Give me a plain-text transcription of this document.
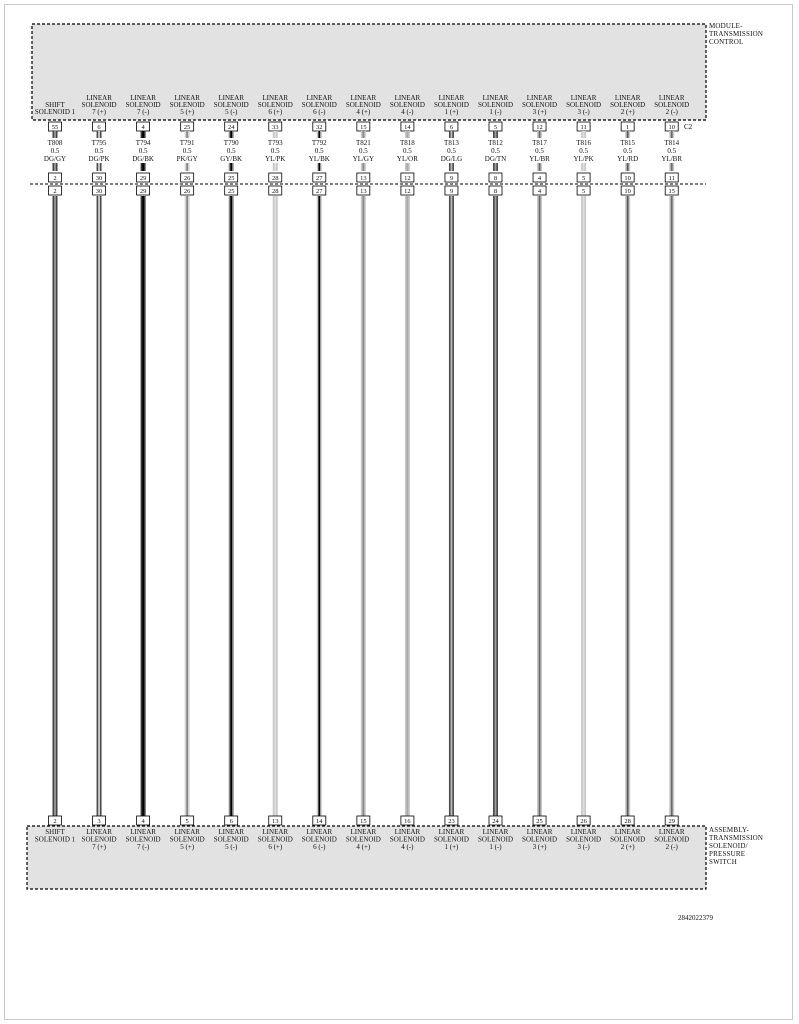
C2
SHIFT
SOLENOID 1
55
T808
0.5
DG/GY
2
2
2
SHIFT
SOLENOID 1
LINEAR
SOLENOID
7 (+)
6
T795
0.5
DG/PK
30
30
3
LINEAR
SOLENOID
7 (+)
LINEAR
SOLENOID
7 (-)
4
T794
0.5
DG/BK
29
29
4
LINEAR
SOLENOID
7 (-)
LINEAR
SOLENOID
5 (+)
25
T791
0.5
PK/GY
26
26
5
LINEAR
SOLENOID
5 (+)
LINEAR
SOLENOID
5 (-)
24
T790
0.5
GY/BK
25
25
6
LINEAR
SOLENOID
5 (-)
LINEAR
SOLENOID
6 (+)
33
T793
0.5
YL/PK
28
28
13
LINEAR
SOLENOID
6 (+)
LINEAR
SOLENOID
6 (-)
32
T792
0.5
YL/BK
27
27
14
LINEAR
SOLENOID
6 (-)
LINEAR
SOLENOID
4 (+)
15
T821
0.5
YL/GY
13
13
15
LINEAR
SOLENOID
4 (+)
LINEAR
SOLENOID
4 (-)
14
T818
0.5
YL/OR
12
12
16
LINEAR
SOLENOID
4 (-)
LINEAR
SOLENOID
1 (+)
6
T813
0.5
DG/LG
9
9
23
LINEAR
SOLENOID
1 (+)
LINEAR
SOLENOID
1 (-)
5
T812
0.5
DG/TN
8
8
24
LINEAR
SOLENOID
1 (-)
LINEAR
SOLENOID
3 (+)
12
T817
0.5
YL/BR
4
4
25
LINEAR
SOLENOID
3 (+)
LINEAR
SOLENOID
3 (-)
11
T816
0.5
YL/PK
5
5
26
LINEAR
SOLENOID
3 (-)
LINEAR
SOLENOID
2 (+)
1
T815
0.5
YL/RD
10
10
28
LINEAR
SOLENOID
2 (+)
LINEAR
SOLENOID
2 (-)
10
T814
0.5
YL/BR
11
15
29
LINEAR
SOLENOID
2 (-)
MODULE-
TRANSMISSION
CONTROL
ASSEMBLY-
TRANSMISSION
SOLENOID/
PRESSURE
SWITCH
2842022379
